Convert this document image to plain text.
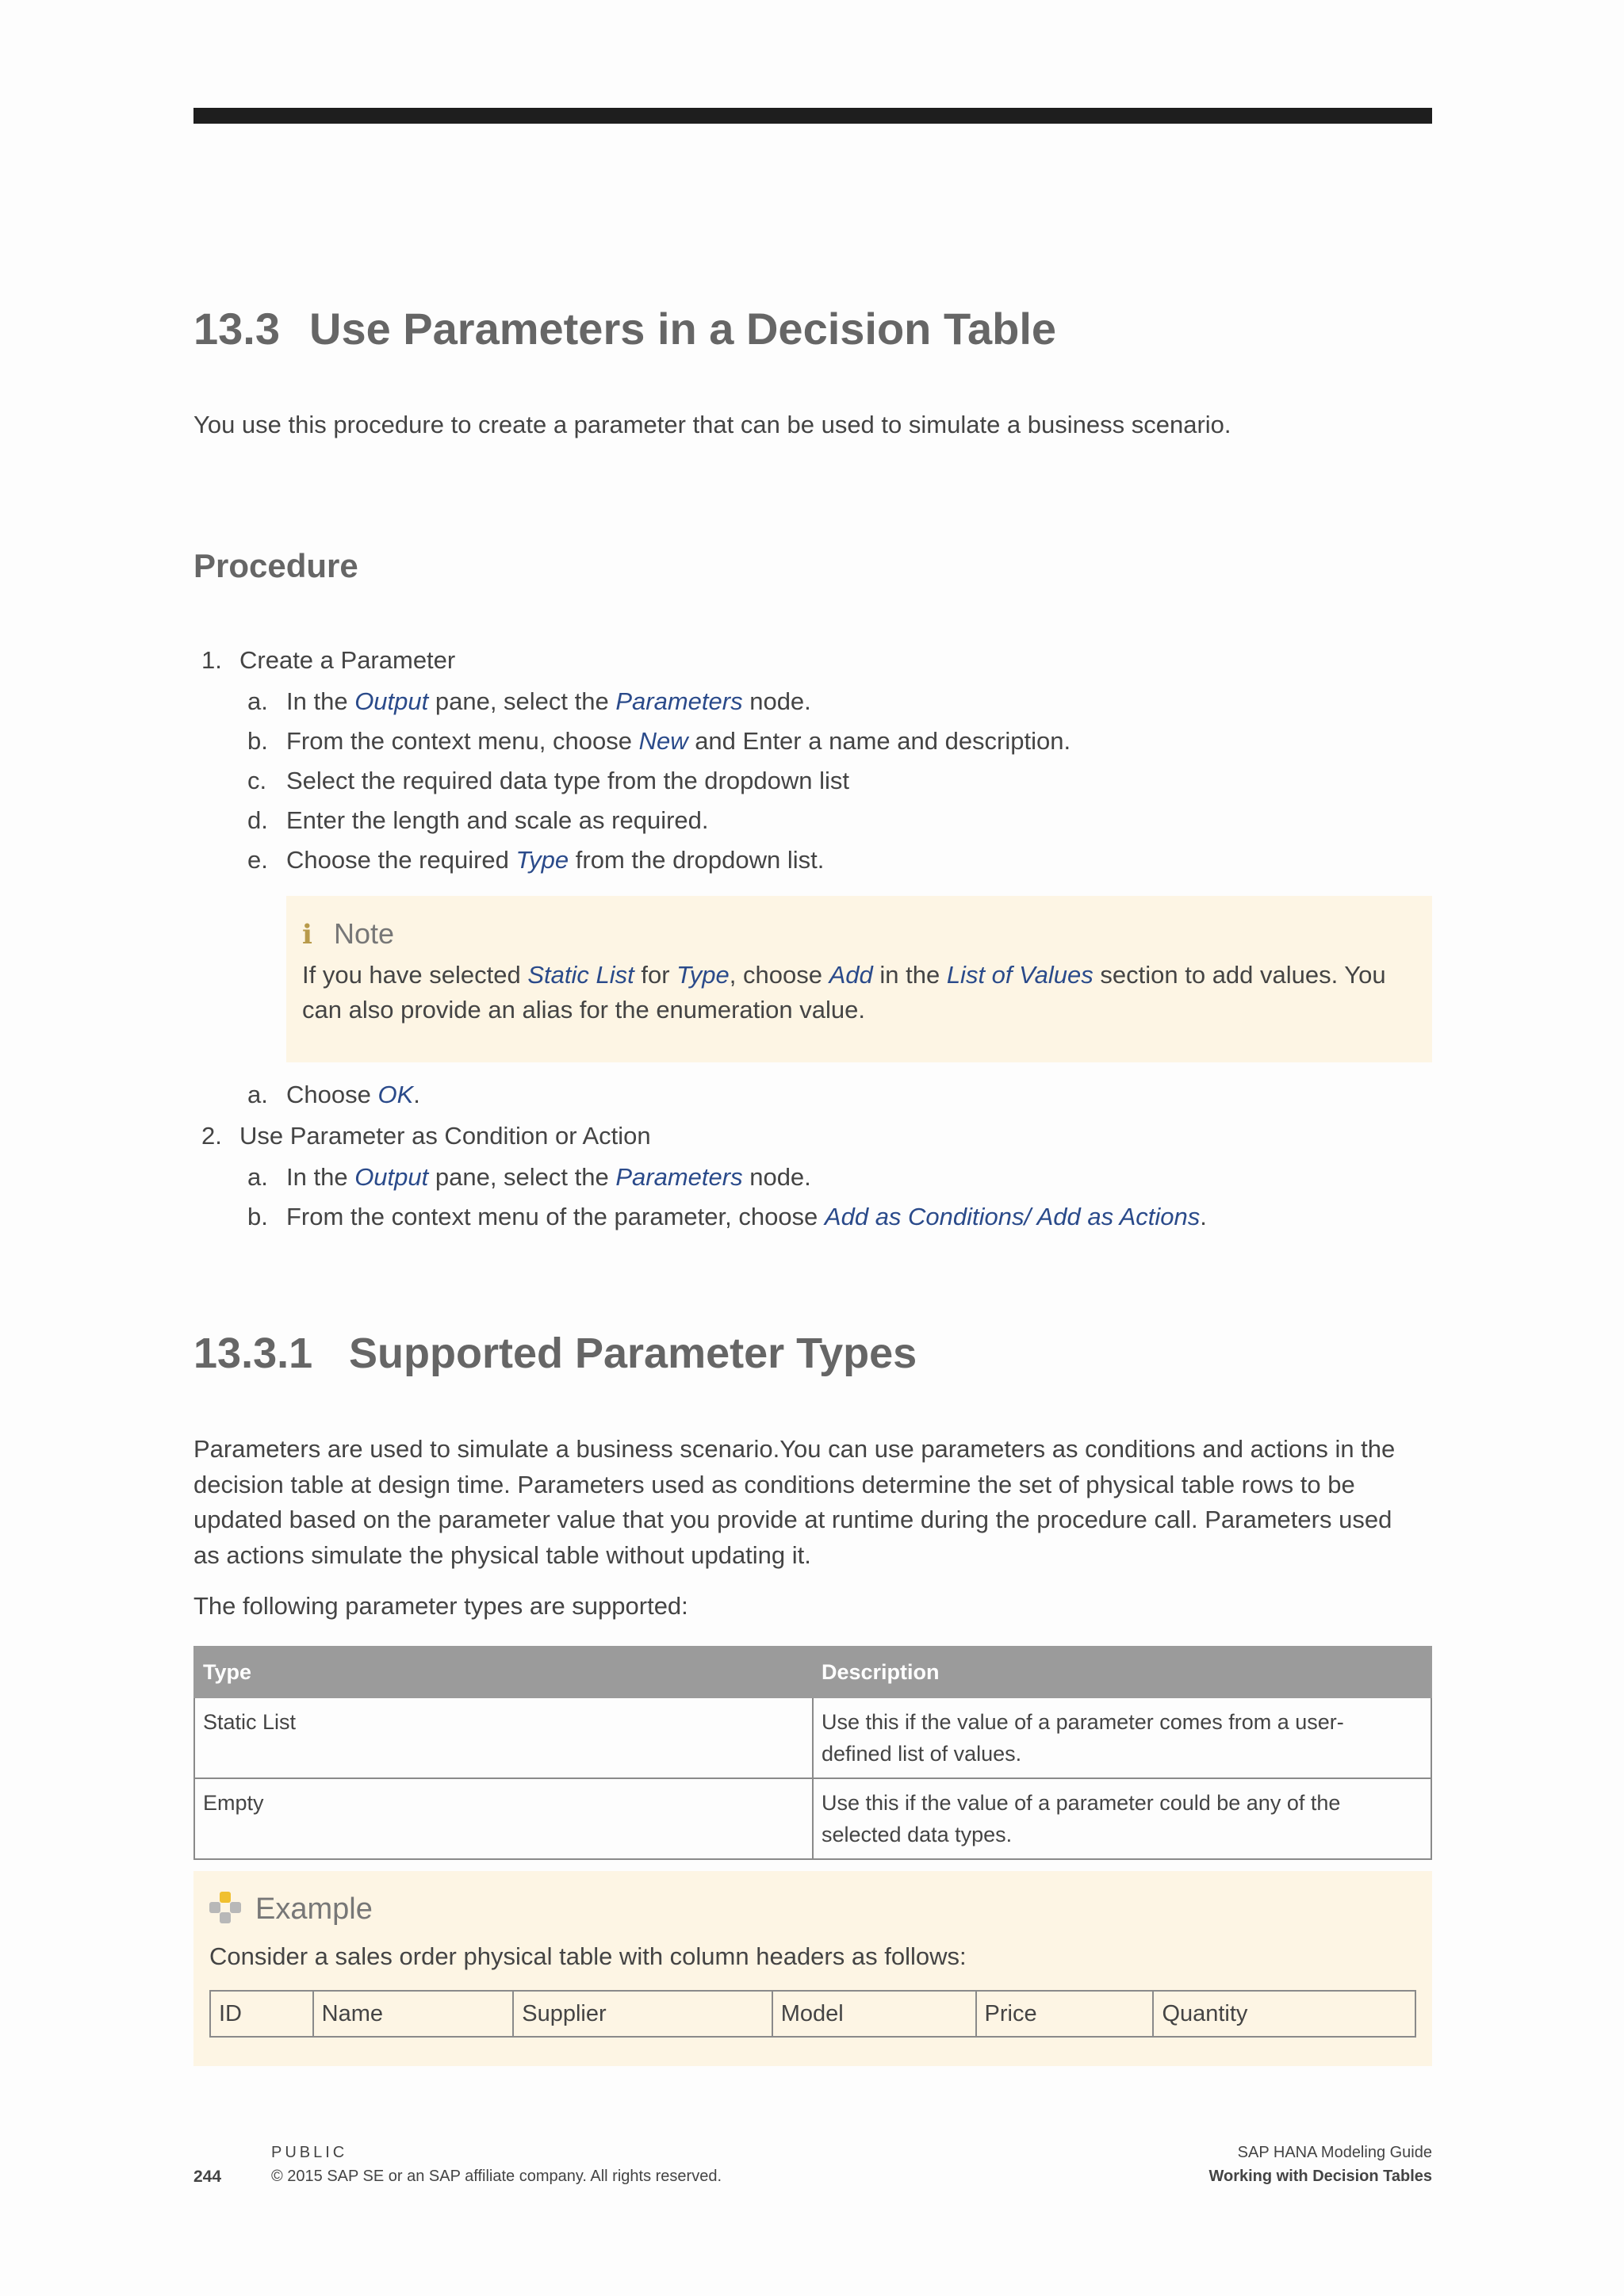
13.3 Use Parameters in a Decision Table
You use this procedure to create a parameter that can be used to simulate a business scenario.
Procedure
1. Create a Parameter
a. In the Output pane, select the Parameters node.
b. From the context menu, choose New and Enter a name and description.
c. Select the required data type from the dropdown list
d. Enter the length and scale as required.
e. Choose the required Type from the dropdown list.
i Note
If you have selected Static List for Type, choose Add in the List of Values section to add values. You
can also provide an alias for the enumeration value.
a. Choose OK.
2. Use Parameter as Condition or Action
a. In the Output pane, select the Parameters node.
b. From the context menu of the parameter, choose Add as Conditions/ Add as Actions.
13.3.1 Supported Parameter Types
Parameters are used to simulate a business scenario.You can use parameters as conditions and actions in the
decision table at design time. Parameters used as conditions determine the set of physical table rows to be
updated based on the parameter value that you provide at runtime during the procedure call. Parameters used
as actions simulate the physical table without updating it.
The following parameter types are supported:
Type	Description
Static List	Use this if the value of a parameter comes from a user-
defined list of values.

Empty	Use this if the value of a parameter could be any of the
selected data types.
Example
Consider a sales order physical table with column headers as follows:
ID	Name	Supplier	Model	Price	Quantity
244
PUBLIC
© 2015 SAP SE or an SAP affiliate company. All rights reserved.
SAP HANA Modeling Guide
Working with Decision Tables
